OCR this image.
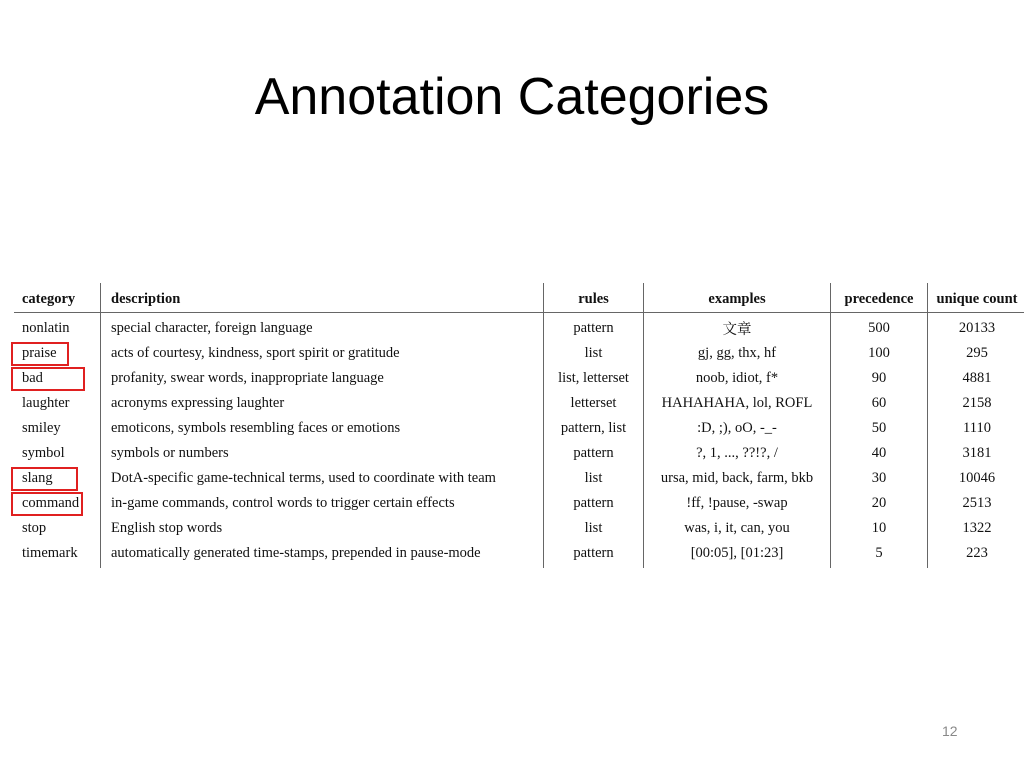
Annotation Categories
category	description	rules	examples	precedence	unique count
nonlatin	special character, foreign language	pattern	文章	500	20133
praise	acts of courtesy, kindness, sport spirit or gratitude	list	gj, gg, thx, hf	100	295
bad	profanity, swear words, inappropriate language	list, letterset	noob, idiot, f*	90	4881
laughter	acronyms expressing laughter	letterset	HAHAHAHA, lol, ROFL	60	2158
smiley	emoticons, symbols resembling faces or emotions	pattern, list	:D, ;), oO, -_-	50	1110
symbol	symbols or numbers	pattern	?, 1, ..., ??!?, /	40	3181
slang	DotA-specific game-technical terms, used to coordinate with team	list	ursa, mid, back, farm, bkb	30	10046
command	in-game commands, control words to trigger certain effects	pattern	!ff, !pause, -swap	20	2513
stop	English stop words	list	was, i, it, can, you	10	1322
timemark	automatically generated time-stamps, prepended in pause-mode	pattern	[00:05], [01:23]	5	223
12
